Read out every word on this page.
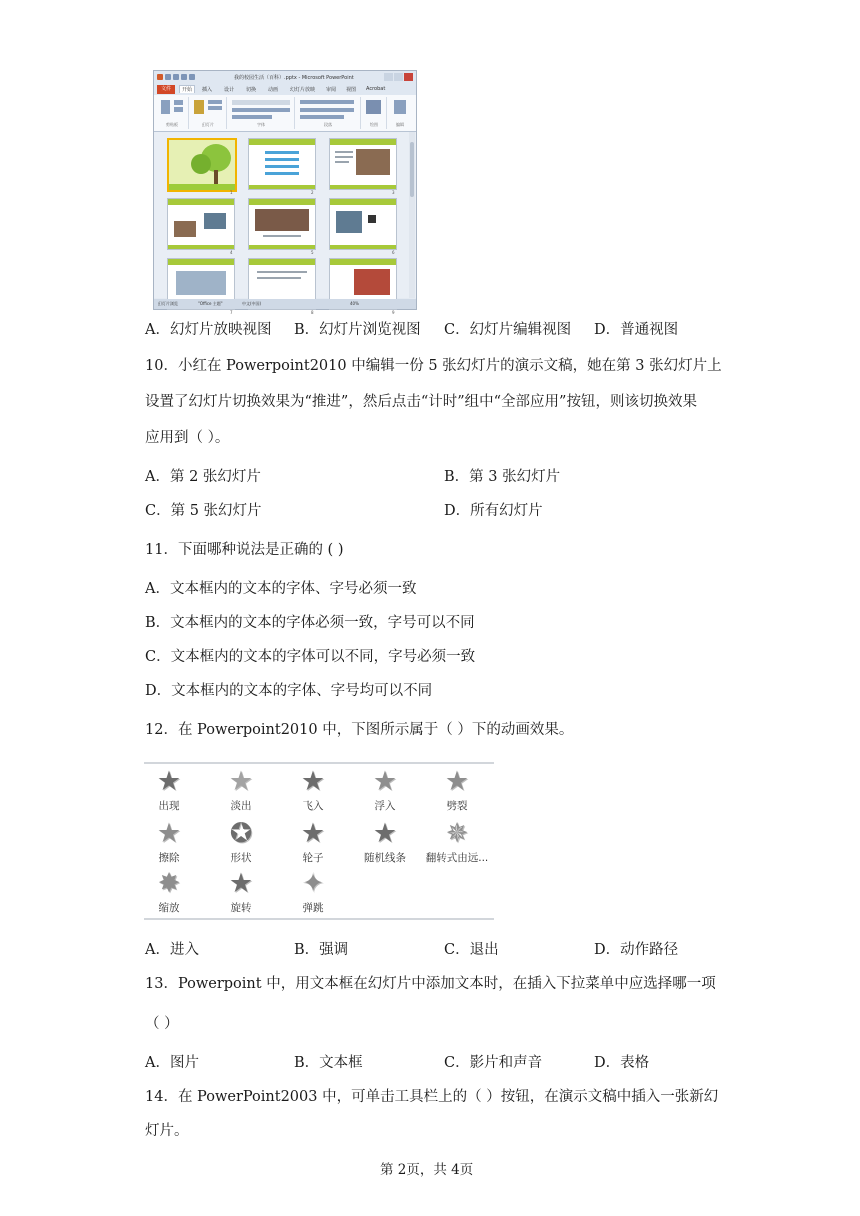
我的校园生活（百科）.pptx - Microsoft PowerPoint
文件	开始	插入 设计 切换 动画 幻灯片放映 审阅 视图 Acrobat
剪贴板	幻灯片	字体	段落	绘图	编辑
1	2	3
4	5	6
7	8	9
幻灯片浏览	"Office 主题"	中文(中国)	40%
A．幻灯片放映视图 B．幻灯片浏览视图 C．幻灯片编辑视图 D．普通视图
10．小红在 Powerpoint2010 中编辑一份 5 张幻灯片的演示文稿，她在第 3 张幻灯片上
设置了幻灯片切换效果为“推进”，然后点击“计时”组中“全部应用”按钮，则该切换效果
应用到（ ）。
A．第 2 张幻灯片	B．第 3 张幻灯片
C．第 5 张幻灯片	D．所有幻灯片
11．下面哪种说法是正确的 ( )
A．文本框内的文本的字体、字号必须一致
B．文本框内的文本的字体必须一致，字号可以不同
C．文本框内的文本的字体可以不同，字号必须一致
D．文本框内的文本的字体、字号均可以不同
12．在 Powerpoint2010 中，下图所示属于（ ）下的动画效果。
★
出现
★
淡出
★
飞入
★
浮入
★
劈裂
★
擦除
✪
形状
★
轮子
★
随机线条
✵
翻转式由远...
✸
缩放
★
旋转
✦
弹跳
A．进入	B．强调	C．退出	D．动作路径
13．Powerpoint 中，用文本框在幻灯片中添加文本时，在插入下拉菜单中应选择哪一项
（ ）
A．图片	B．文本框	C．影片和声音	D．表格
14．在 PowerPoint2003 中，可单击工具栏上的（ ）按钮，在演示文稿中插入一张新幻
灯片。
第 2页，共 4页
